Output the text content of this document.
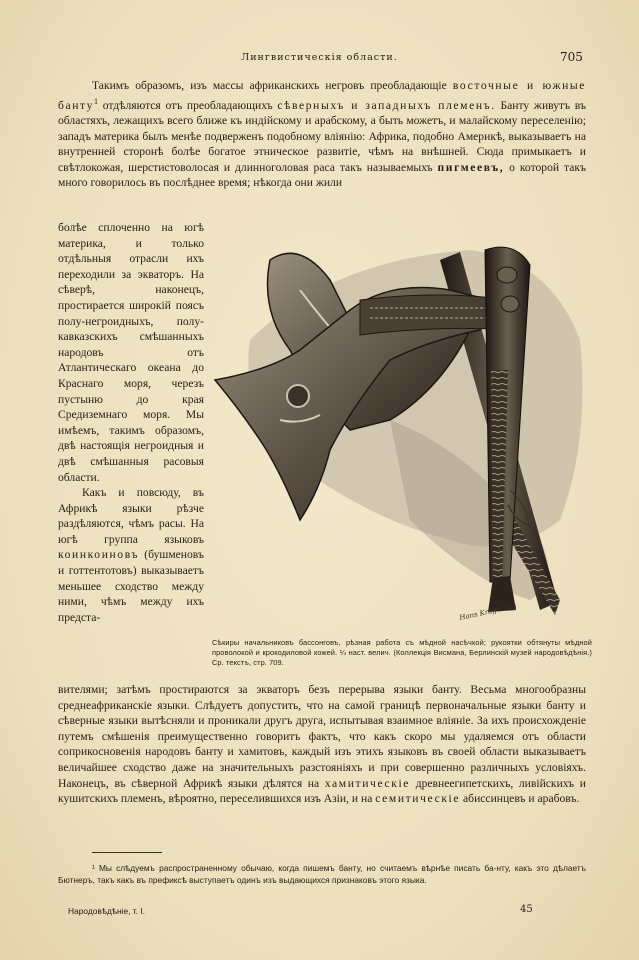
Лингвистическія области.	705

Такимъ образомъ, изъ массы африканскихъ негровъ преобладающіе восточные и южные банту$^1$ отдѣляются отъ преобладающихъ сѣверныхъ и западныхъ племенъ. Банту живутъ въ областяхъ, лежащихъ всего ближе къ индійскому и арабскому, а быть можетъ, и малайскому переселенію; западъ материка былъ менѣе подверженъ подобному вліянію: Африка, подобно Америкѣ, выказываетъ на внутренней сторонѣ болѣе богатое этническое развитіе, чѣмъ на внѣшней. Сюда примыкаетъ и свѣтлокожая, шерстистоволосая и длинноголовая раса такъ называемыхъ пигмеевъ, о которой такъ много говорилось въ послѣднее время; нѣкогда они жили

болѣе сплоченно на югѣ материка, и только отдѣльныя отрасли ихъ переходили за экваторъ. На сѣверѣ, наконецъ, простирается широкій поясъ полу-негроидныхъ, полу-кавказскихъ смѣшанныхъ народовъ отъ Атлантическаго океана до Краснаго моря, черезъ пустыню до края Средиземнаго моря. Мы имѣемъ, такимъ образомъ, двѣ настоящія негроидныя и двѣ смѣшанныя расовыя области.

Какъ и повсюду, въ Африкѣ языки рѣзче раздѣляются, чѣмъ расы. На югѣ группа языковъ коинкоиновъ (бушменовъ и готтентотовъ) выказываетъ меньшее сходство между ними, чѣмъ между ихъ предста-	Hans Kraffmann
Сѣкиры начальниковъ бассонговъ, рѣзная работа съ мѣдной насѣчкой; рукоятки обтянуты мѣдной проволокой и крокодиловой кожей. ¼ наст. велич. (Коллекція Висмана, Берлинскій музей народовѣдѣнія.) Ср. текстъ, стр. 709.

вителями; затѣмъ простираются за экваторъ безъ перерыва языки банту. Весьма многообразны среднеафриканскіе языки. Слѣдуетъ допустить, что на самой границѣ первоначальные языки банту и сѣверные языки вытѣсняли и проникали другъ друга, испытывая взаимное вліяніе. За ихъ происхожденіе путемъ смѣшенія преимущественно говоритъ фактъ, что какъ скоро мы удаляемся отъ области соприкосновенія народовъ банту и хамитовъ, каждый изъ этихъ языковъ въ своей области выказываетъ величайшее сходство даже на значительныхъ разстояніяхъ и при совершенно различныхъ условіяхъ. Наконецъ, въ сѣверной Африкѣ языки дѣлятся на хамитическіе древнеегипетскихъ, ливійскихъ и кушитскихъ племенъ, вѣроятно, переселившихся изъ Азіи, и на семитическіе абиссинцевъ и арабовъ.

¹ Мы слѣдуемъ распространенному обычаю, когда пишемъ банту, но считаемъ вѣрнѣе писать ба-нту, какъ это дѣлаетъ Бютнеръ, такъ какъ въ префиксѣ выступаетъ одинъ изъ выдающихся признаковъ этого языка.

Народовѣдѣніе, т. I.	45
